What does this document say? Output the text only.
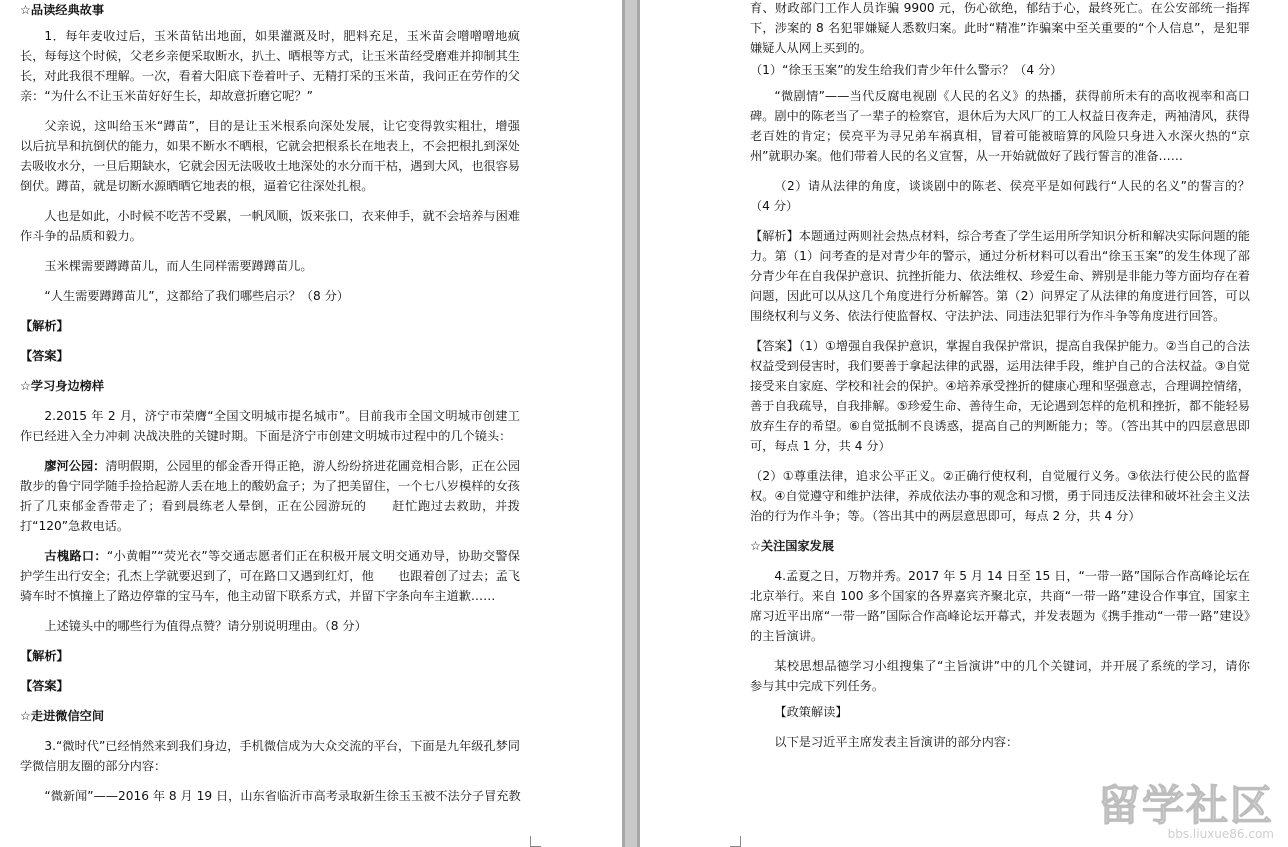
☆品读经典故事

1．每年麦收过后，玉米苗钻出地面，如果灌溉及时，肥料充足，玉米苗会噌噌噌地疯长，每每这个时候，父老乡亲便采取断水，扒土、晒根等方式，让玉米苗经受磨难并抑制其生长，对此我很不理解。一次，看着大阳底下卷着叶子、无精打采的玉米苗，我问正在劳作的父亲：“为什么不让玉米苗好好生长，却故意折磨它呢？”

父亲说，这叫给玉米“蹲苗”，目的是让玉米根系向深处发展，让它变得敦实粗壮，增强以后抗旱和抗倒伏的能力，如果不断水不晒根，它就会把根系长在地表上，不会把根扎到深处去吸收水分，一旦后期缺水，它就会因无法吸收土地深处的水分而干枯，遇到大风，也很容易倒伏。蹲苗，就是切断水源晒晒它地表的根，逼着它往深处扎根。

人也是如此，小时候不吃苦不受累，一帆风顺，饭来张口，衣来伸手，就不会培养与困难作斗争的品质和毅力。

玉米棵需要蹲蹲苗儿，而人生同样需要蹲蹲苗儿。

“人生需要蹲蹲苗儿”，这都给了我们哪些启示？（8 分）

【解析】

【答案】

☆学习身边榜样

2.2015 年 2 月，济宁市荣膺“全国文明城市提名城市”。目前我市全国文明城市创建工作已经进入全力冲刺 决战决胜的关键时期。下面是济宁市创建文明城市过程中的几个镜头：

廖河公园：清明假期，公园里的郁金香开得正艳，游人纷纷挤进花圃竞相合影，正在公园散步的鲁宁同学随手捡拾起游人丢在地上的酸奶盒子；为了把美留住，一个七八岁模样的女孩折了几束郁金香带走了；看到晨练老人晕倒，正在公园游玩的　　赶忙跑过去救助，并拨打“120”急救电话。

古槐路口：“小黄帽”“荧光衣”等交通志愿者们正在积极开展文明交通劝导，协助交警保护学生出行安全；孔杰上学就要迟到了，可在路口又遇到红灯，他　　也跟着创了过去；孟飞骑车时不慎撞上了路边停靠的宝马车，他主动留下联系方式，并留下字条向车主道歉……

上述镜头中的哪些行为值得点赞？请分别说明理由。（8 分）

【解析】

【答案】

☆走进微信空间

3.“微时代”已经悄然来到我们身边，手机微信成为大众交流的平台，下面是九年级孔梦同学微信朋友圈的部分内容：

“微新闻”——2016 年 8 月 19 日，山东省临沂市高考录取新生徐玉玉被不法分子冒充教

育、财政部门工作人员诈骗 9900 元，伤心欲绝，郁结于心，最终死亡。在公安部统一指挥下，涉案的 8 名犯罪嫌疑人悉数归案。此时“精准”诈骗案中至关重要的“个人信息”，是犯罪嫌疑人从网上买到的。

（1）“徐玉玉案”的发生给我们青少年什么警示？（4 分）

“微剧情”——当代反腐电视剧《人民的名义》的热播，获得前所未有的高收视率和高口碑。剧中的陈老当了一辈子的检察官，退休后为大风厂的工人权益日夜奔走，两袖清风，获得老百姓的肯定；侯亮平为寻兄弟车祸真相，冒着可能被暗算的风险只身进入水深火热的“京州”就职办案。他们带着人民的名义宣誓，从一开始就做好了践行誓言的准备……

（2）请从法律的角度，谈谈剧中的陈老、侯亮平是如何践行“人民的名义”的誓言的？（4 分）

【解析】本题通过两则社会热点材料，综合考查了学生运用所学知识分析和解决实际问题的能力。第（1）问考查的是对青少年的警示，通过分析材料可以看出“徐玉玉案”的发生体现了部分青少年在自我保护意识、抗挫折能力、依法维权、珍爱生命、辨别是非能力等方面均存在着问题，因此可以从这几个角度进行分析解答。第（2）问界定了从法律的角度进行回答，可以围绕权利与义务、依法行使监督权、守法护法、同违法犯罪行为作斗争等角度进行回答。

【答案】（1）①增强自我保护意识，掌握自我保护常识，提高自我保护能力。②当自己的合法权益受到侵害时，我们要善于拿起法律的武器，运用法律手段，维护自己的合法权益。③自觉接受来自家庭、学校和社会的保护。④培养承受挫折的健康心理和坚强意志，合理调控情绪，善于自我疏导，自我排解。⑤珍爱生命、善待生命，无论遇到怎样的危机和挫折，都不能轻易放弃生存的希望。⑥自觉抵制不良诱惑，提高自己的判断能力；等。（答出其中的四层意思即可，每点 1 分，共 4 分）

（2）①尊重法律，追求公平正义。②正确行使权利，自觉履行义务。③依法行使公民的监督权。④自觉遵守和维护法律，养成依法办事的观念和习惯，勇于同违反法律和破坏社会主义法治的行为作斗争；等。（答出其中的两层意思即可，每点 2 分，共 4 分）

☆关注国家发展

4.孟夏之日，万物并秀。2017 年 5 月 14 日至 15 日，“一带一路”国际合作高峰论坛在北京举行。来自 100 多个国家的各界嘉宾齐聚北京，共商“一带一路”建设合作事宜，国家主席习近平出席“一带一路”国际合作高峰论坛开幕式，并发表题为《携手推动“一带一路”建设》的主旨演讲。

某校思想品德学习小组搜集了“主旨演讲”中的几个关键词，并开展了系统的学习，请你参与其中完成下列任务。

【政策解读】

以下是习近平主席发表主旨演讲的部分内容：

留学社区
bbs.liuxue86.com
